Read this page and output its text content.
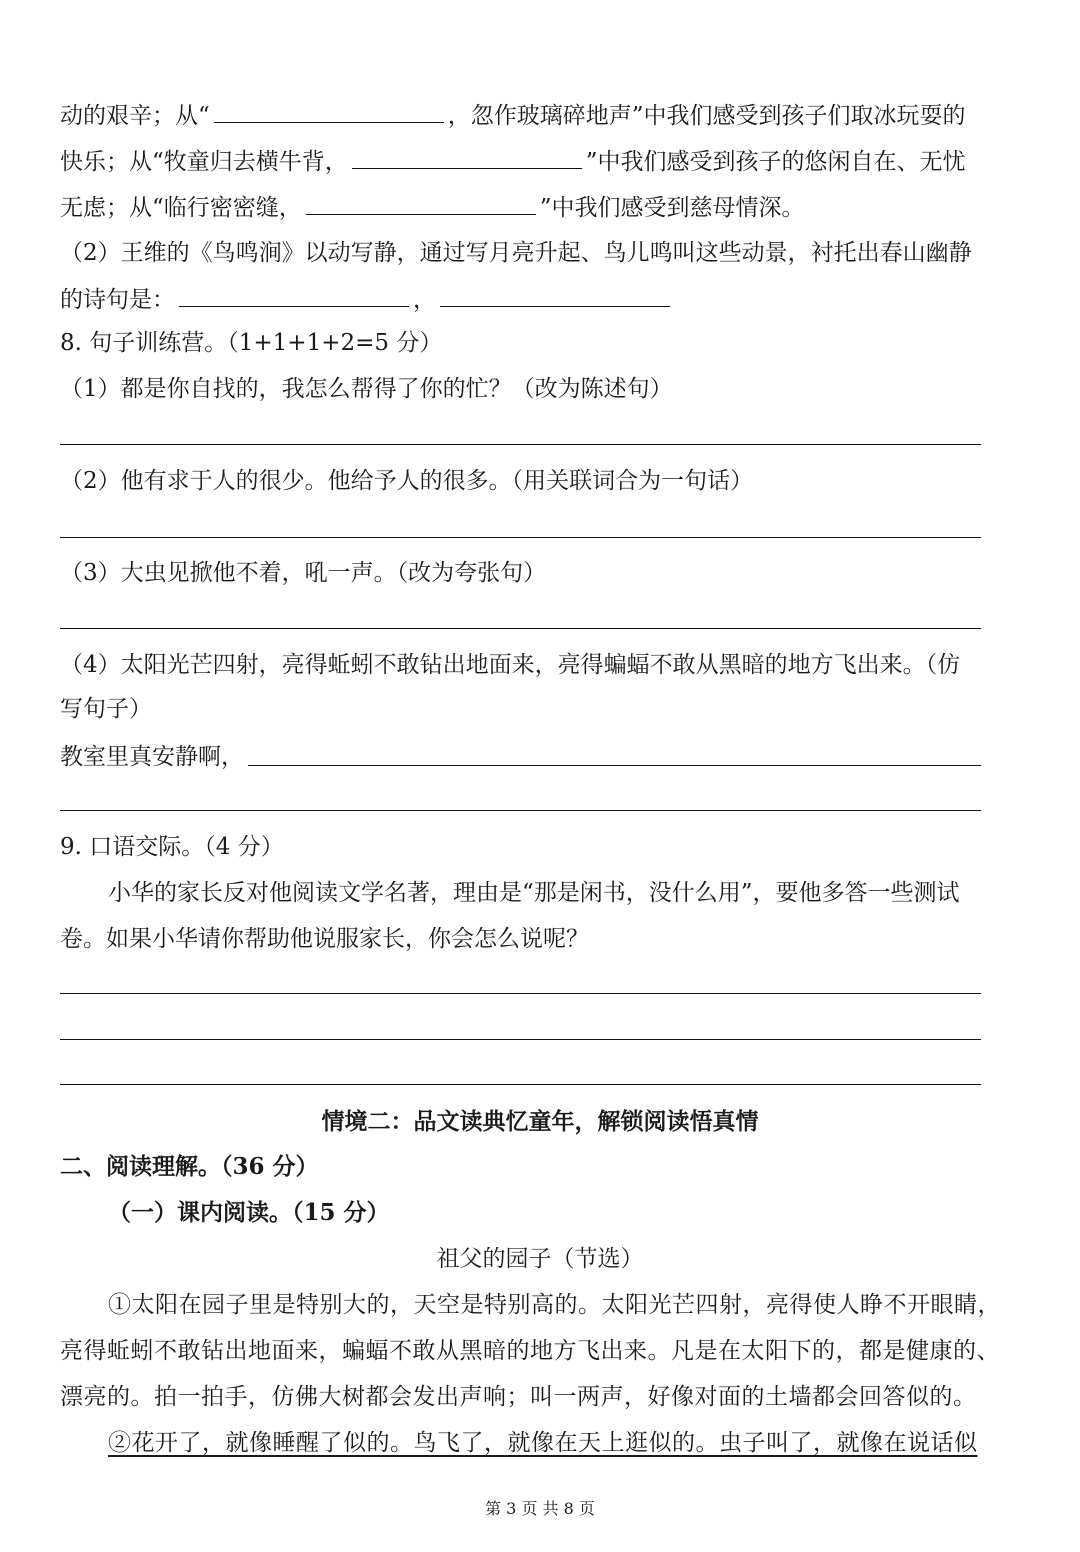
动的艰辛；从“	，忽作玻璃碎地声”中我们感受到孩子们取冰玩耍的
快乐；从“牧童归去横牛背，	”中我们感受到孩子的悠闲自在、无忧
无虑；从“临行密密缝，	”中我们感受到慈母情深。
（2）王维的《鸟鸣涧》以动写静，通过写月亮升起、鸟儿鸣叫这些动景，衬托出春山幽静
的诗句是：	，
8. 句子训练营。（1+1+1+2=5 分）
（1）都是你自找的，我怎么帮得了你的忙？（改为陈述句）
（2）他有求于人的很少。他给予人的很多。（用关联词合为一句话）
（3）大虫见掀他不着，吼一声。（改为夸张句）
（4）太阳光芒四射，亮得蚯蚓不敢钻出地面来，亮得蝙蝠不敢从黑暗的地方飞出来。（仿
写句子）
教室里真安静啊，
9. 口语交际。（4 分）
小华的家长反对他阅读文学名著，理由是“那是闲书，没什么用”，要他多答一些测试
卷。如果小华请你帮助他说服家长，你会怎么说呢？
情境二：品文读典忆童年，解锁阅读悟真情
二、阅读理解。（36 分）
（一）课内阅读。（15 分）
祖父的园子（节选）
①太阳在园子里是特别大的，天空是特别高的。太阳光芒四射，亮得使人睁不开眼睛，
亮得蚯蚓不敢钻出地面来，蝙蝠不敢从黑暗的地方飞出来。凡是在太阳下的，都是健康的、
漂亮的。拍一拍手，仿佛大树都会发出声响；叫一两声，好像对面的土墙都会回答似的。
②花开了，就像睡醒了似的。鸟飞了，就像在天上逛似的。虫子叫了，就像在说话似
第 3 页 共 8 页
